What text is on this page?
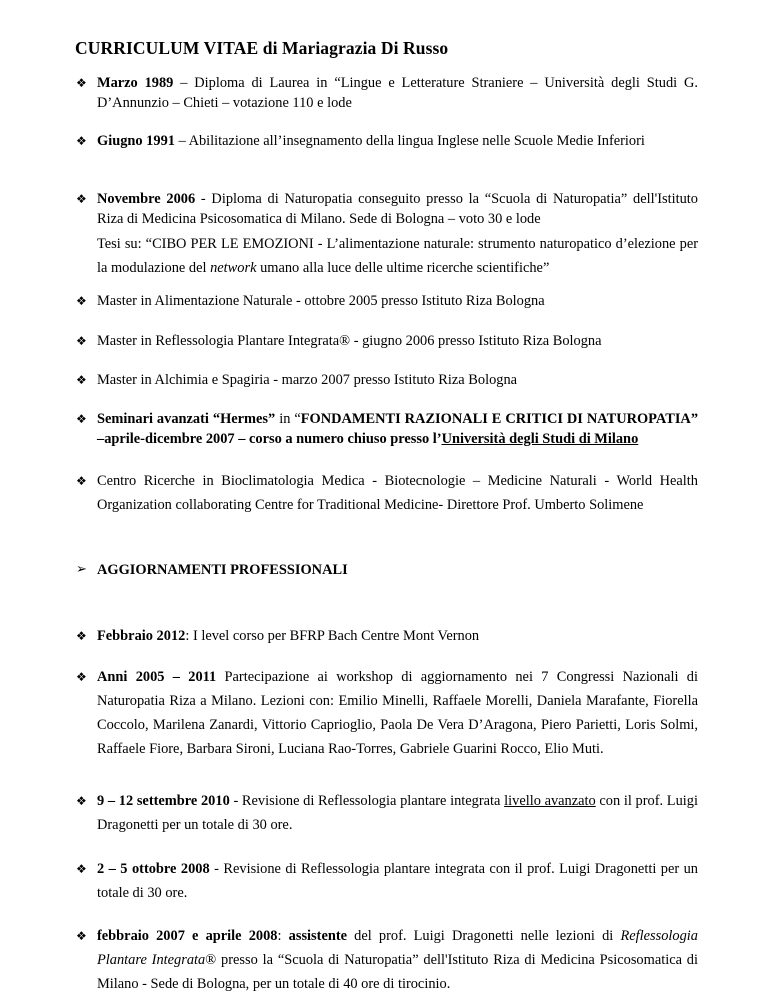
CURRICULUM VITAE di Mariagrazia Di Russo
❖ Marzo 1989 – Diploma di Laurea in “Lingue e Letterature Straniere – Università degli Studi G. D’Annunzio – Chieti – votazione 110 e lode
❖ Giugno 1991 – Abilitazione all’insegnamento della lingua Inglese nelle Scuole Medie Inferiori
❖ Novembre 2006 - Diploma di Naturopatia conseguito presso la “Scuola di Naturopatia” dell'Istituto Riza di Medicina Psicosomatica di Milano. Sede di Bologna – voto 30 e lode
Tesi su: “CIBO PER LE EMOZIONI - L’alimentazione naturale: strumento naturopatico d’elezione per la modulazione del network umano alla luce delle ultime ricerche scientifiche”
❖ Master in Alimentazione Naturale - ottobre 2005 presso Istituto Riza Bologna
❖ Master in Reflessologia Plantare Integrata® - giugno 2006 presso Istituto Riza Bologna
❖ Master in Alchimia e Spagiria - marzo 2007 presso Istituto Riza Bologna
❖ Seminari avanzati “Hermes” in “FONDAMENTI RAZIONALI E CRITICI DI NATUROPATIA” –aprile-dicembre 2007 – corso a numero chiuso presso l’Università degli Studi di Milano
❖ Centro Ricerche in Bioclimatologia Medica - Biotecnologie – Medicine Naturali - World Health Organization collaborating Centre for Traditional Medicine- Direttore Prof. Umberto Solimene
➢ AGGIORNAMENTI PROFESSIONALI
❖ Febbraio 2012: I level corso per BFRP Bach Centre Mont Vernon
❖ Anni 2005 – 2011 Partecipazione ai workshop di aggiornamento nei 7 Congressi Nazionali di Naturopatia Riza a Milano. Lezioni con: Emilio Minelli, Raffaele Morelli, Daniela Marafante, Fiorella Coccolo, Marilena Zanardi, Vittorio Caprioglio, Paola De Vera D’Aragona, Piero Parietti, Loris Solmi, Raffaele Fiore, Barbara Sironi, Luciana Rao-Torres, Gabriele Guarini Rocco, Elio Muti.
❖ 9 – 12 settembre 2010 - Revisione di Reflessologia plantare integrata livello avanzato con il prof. Luigi Dragonetti per un totale di 30 ore.
❖ 2 – 5 ottobre 2008 - Revisione di Reflessologia plantare integrata con il prof. Luigi Dragonetti per un totale di 30 ore.
❖ febbraio 2007 e aprile 2008: assistente del prof. Luigi Dragonetti nelle lezioni di Reflessologia Plantare Integrata® presso la “Scuola di Naturopatia” dell'Istituto Riza di Medicina Psicosomatica di Milano - Sede di Bologna, per un totale di 40 ore di tirocinio.
